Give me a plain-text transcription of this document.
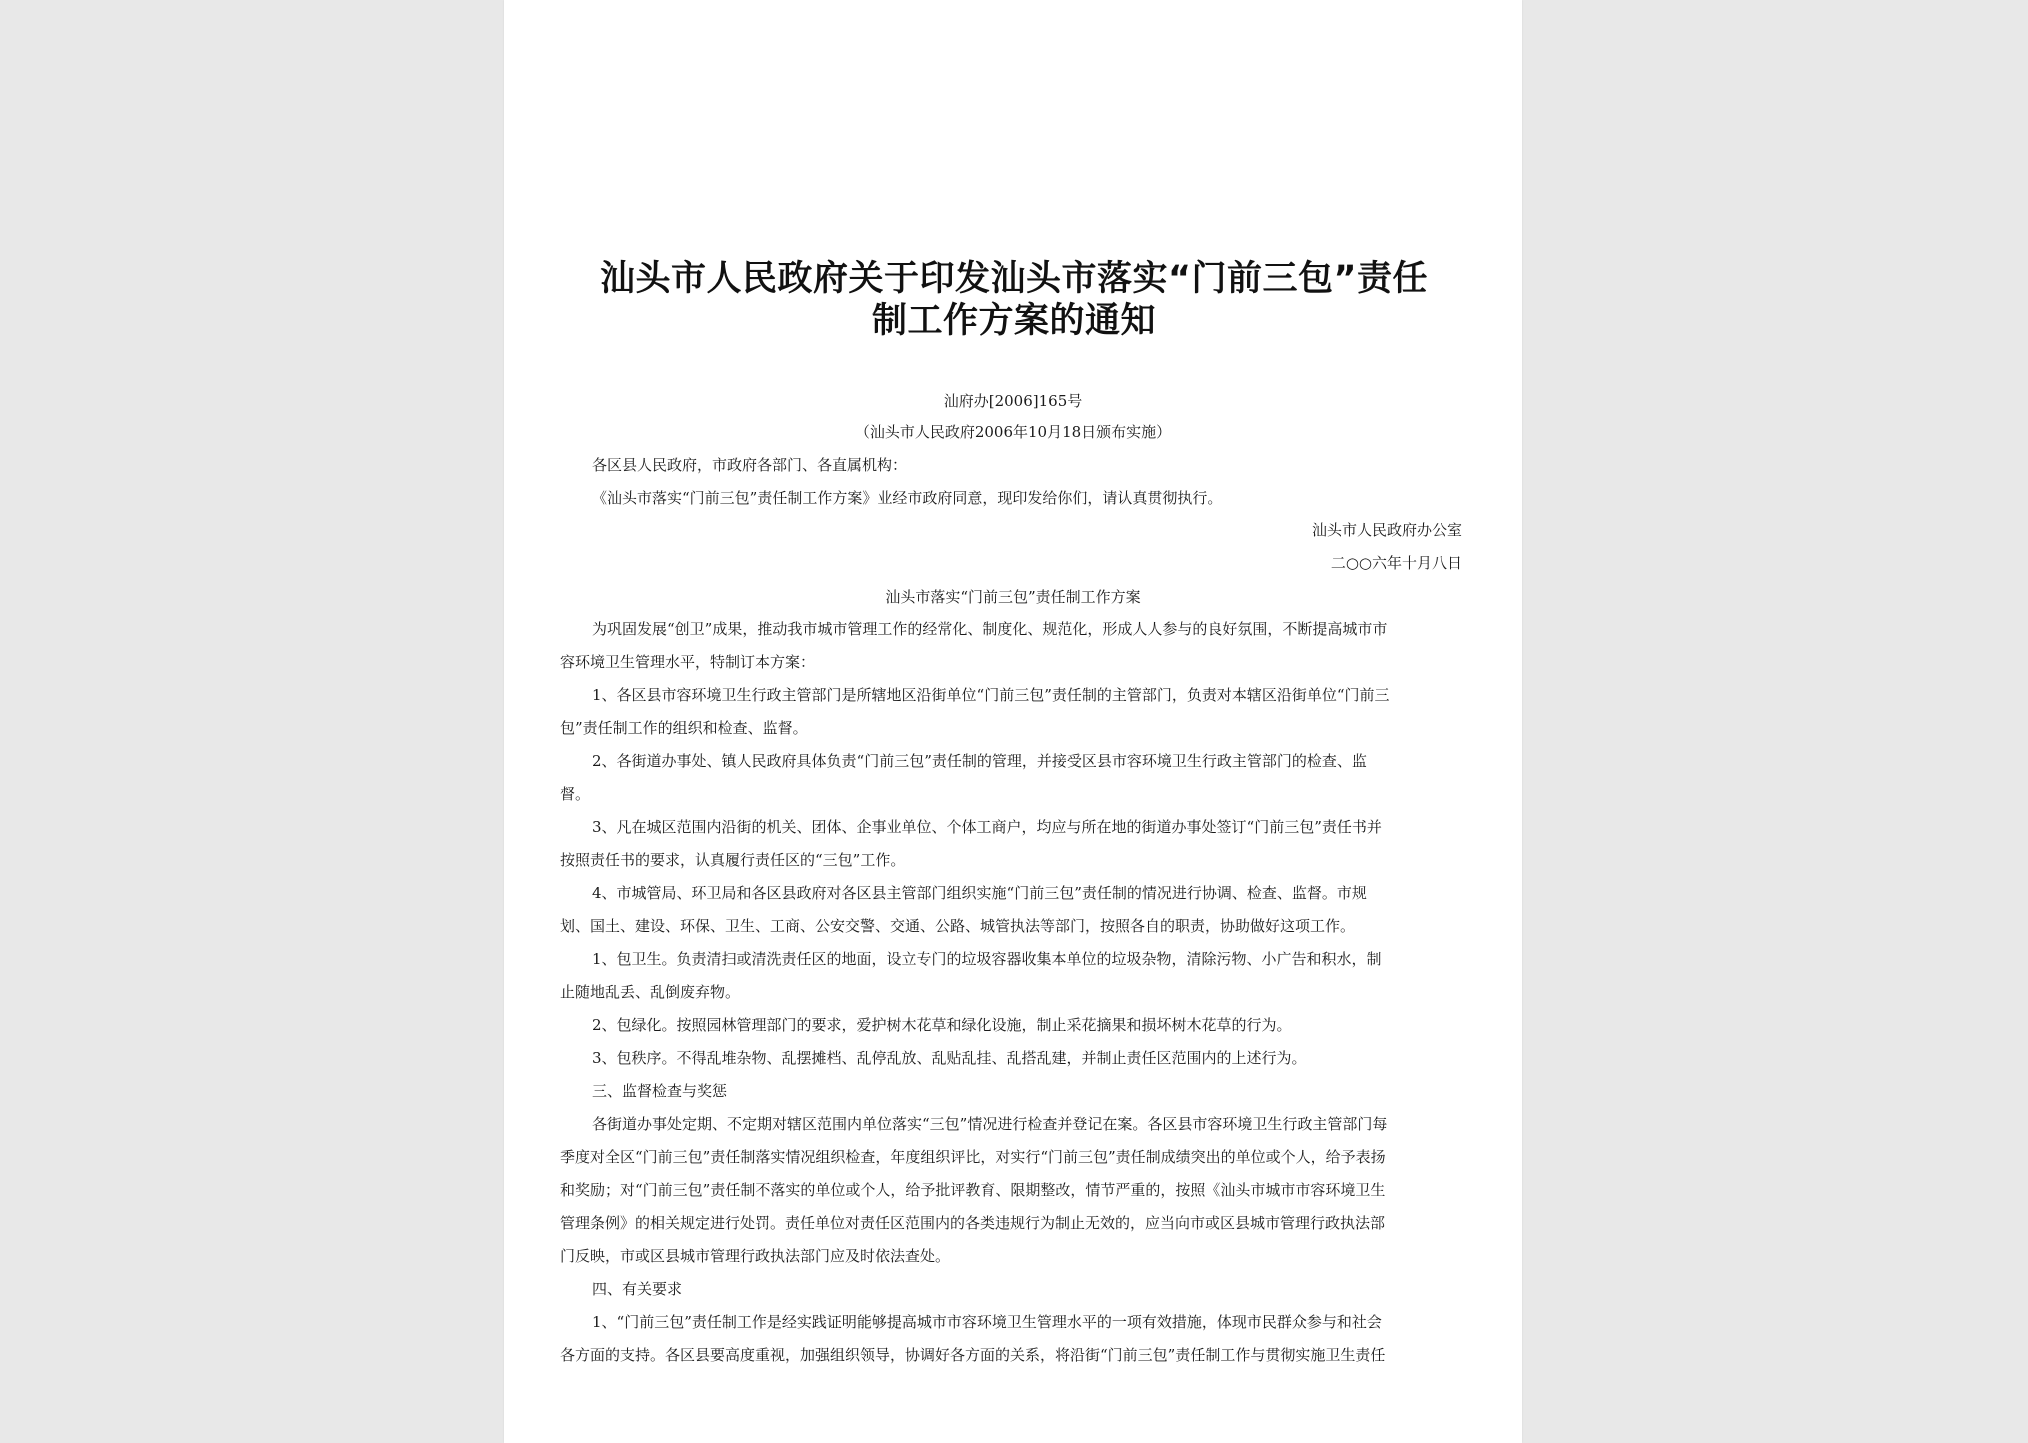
汕头市人民政府关于印发汕头市落实“门前三包”责任
制工作方案的通知
汕府办[2006]165号
（汕头市人民政府2006年10月18日颁布实施）
各区县人民政府，市政府各部门、各直属机构：
《汕头市落实“门前三包”责任制工作方案》业经市政府同意，现印发给你们，请认真贯彻执行。
汕头市人民政府办公室
二○○六年十月八日
汕头市落实“门前三包”责任制工作方案
为巩固发展“创卫”成果，推动我市城市管理工作的经常化、制度化、规范化，形成人人参与的良好氛围，不断提高城市市
容环境卫生管理水平，特制订本方案：
1、各区县市容环境卫生行政主管部门是所辖地区沿街单位“门前三包”责任制的主管部门，负责对本辖区沿街单位“门前三
包”责任制工作的组织和检查、监督。
2、各街道办事处、镇人民政府具体负责“门前三包”责任制的管理，并接受区县市容环境卫生行政主管部门的检查、监
督。
3、凡在城区范围内沿街的机关、团体、企事业单位、个体工商户，均应与所在地的街道办事处签订“门前三包”责任书并
按照责任书的要求，认真履行责任区的“三包”工作。
4、市城管局、环卫局和各区县政府对各区县主管部门组织实施“门前三包”责任制的情况进行协调、检查、监督。市规
划、国土、建设、环保、卫生、工商、公安交警、交通、公路、城管执法等部门，按照各自的职责，协助做好这项工作。
1、包卫生。负责清扫或清洗责任区的地面，设立专门的垃圾容器收集本单位的垃圾杂物，清除污物、小广告和积水，制
止随地乱丢、乱倒废弃物。
2、包绿化。按照园林管理部门的要求，爱护树木花草和绿化设施，制止采花摘果和损坏树木花草的行为。
3、包秩序。不得乱堆杂物、乱摆摊档、乱停乱放、乱贴乱挂、乱搭乱建，并制止责任区范围内的上述行为。
三、监督检查与奖惩
各街道办事处定期、不定期对辖区范围内单位落实“三包”情况进行检查并登记在案。各区县市容环境卫生行政主管部门每
季度对全区“门前三包”责任制落实情况组织检查，年度组织评比，对实行“门前三包”责任制成绩突出的单位或个人，给予表扬
和奖励；对“门前三包”责任制不落实的单位或个人，给予批评教育、限期整改，情节严重的，按照《汕头市城市市容环境卫生
管理条例》的相关规定进行处罚。责任单位对责任区范围内的各类违规行为制止无效的，应当向市或区县城市管理行政执法部
门反映，市或区县城市管理行政执法部门应及时依法查处。
四、有关要求
1、“门前三包”责任制工作是经实践证明能够提高城市市容环境卫生管理水平的一项有效措施，体现市民群众参与和社会
各方面的支持。各区县要高度重视，加强组织领导，协调好各方面的关系，将沿街“门前三包”责任制工作与贯彻实施卫生责任
